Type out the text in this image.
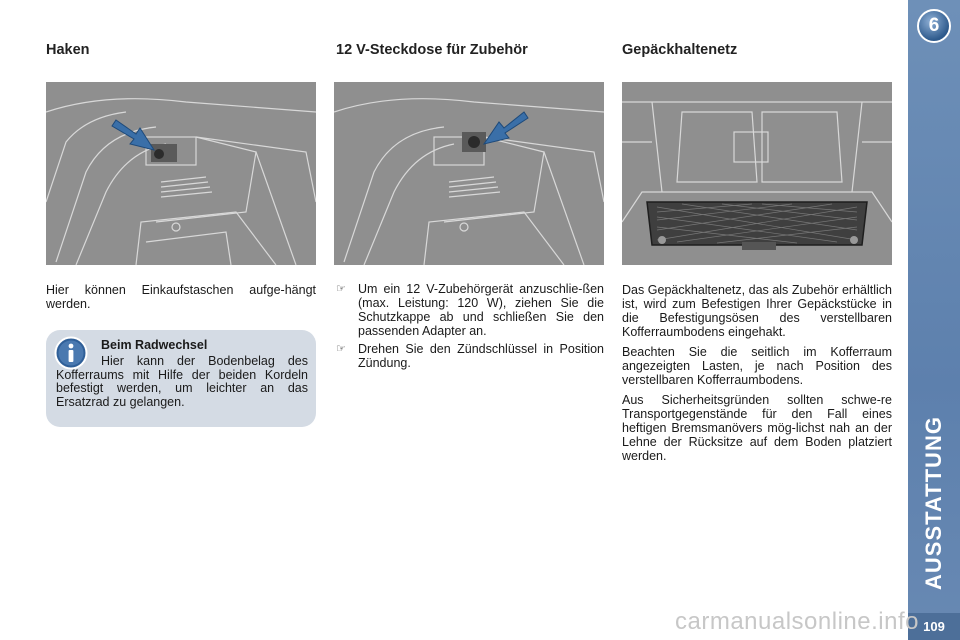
Haken	12 V-Steckdose für Zubehör	Gepäckhaltenetz
Hier können Einkaufstaschen aufge-hängt werden.
Beim Radwechsel
Hier kann der Bodenbelag des Kofferraums mit Hilfe der beiden Kordeln befestigt werden, um leichter an das Ersatzrad zu gelangen.
☞ Um ein 12 V-Zubehörgerät anzuschlie-ßen (max. Leistung: 120 W), ziehen Sie die Schutzkappe ab und schließen Sie den passenden Adapter an.
☞ Drehen Sie den Zündschlüssel in Position Zündung.

Das Gepäckhaltenetz, das als Zubehör erhältlich ist, wird zum Befestigen Ihrer Gepäckstücke in die Befestigungsösen des verstellbaren Kofferraumbodens eingehakt.

Beachten Sie die seitlich im Kofferraum angezeigten Lasten, je nach Position des verstellbaren Kofferraumbodens.

Aus Sicherheitsgründen sollten schwe-re Transportgegenstände für den Fall eines heftigen Bremsmanövers mög-lichst nah an der Lehne der Rücksitze auf dem Boden platziert werden.

6
AUSSTATTUNG
109
carmanualsonline.info
